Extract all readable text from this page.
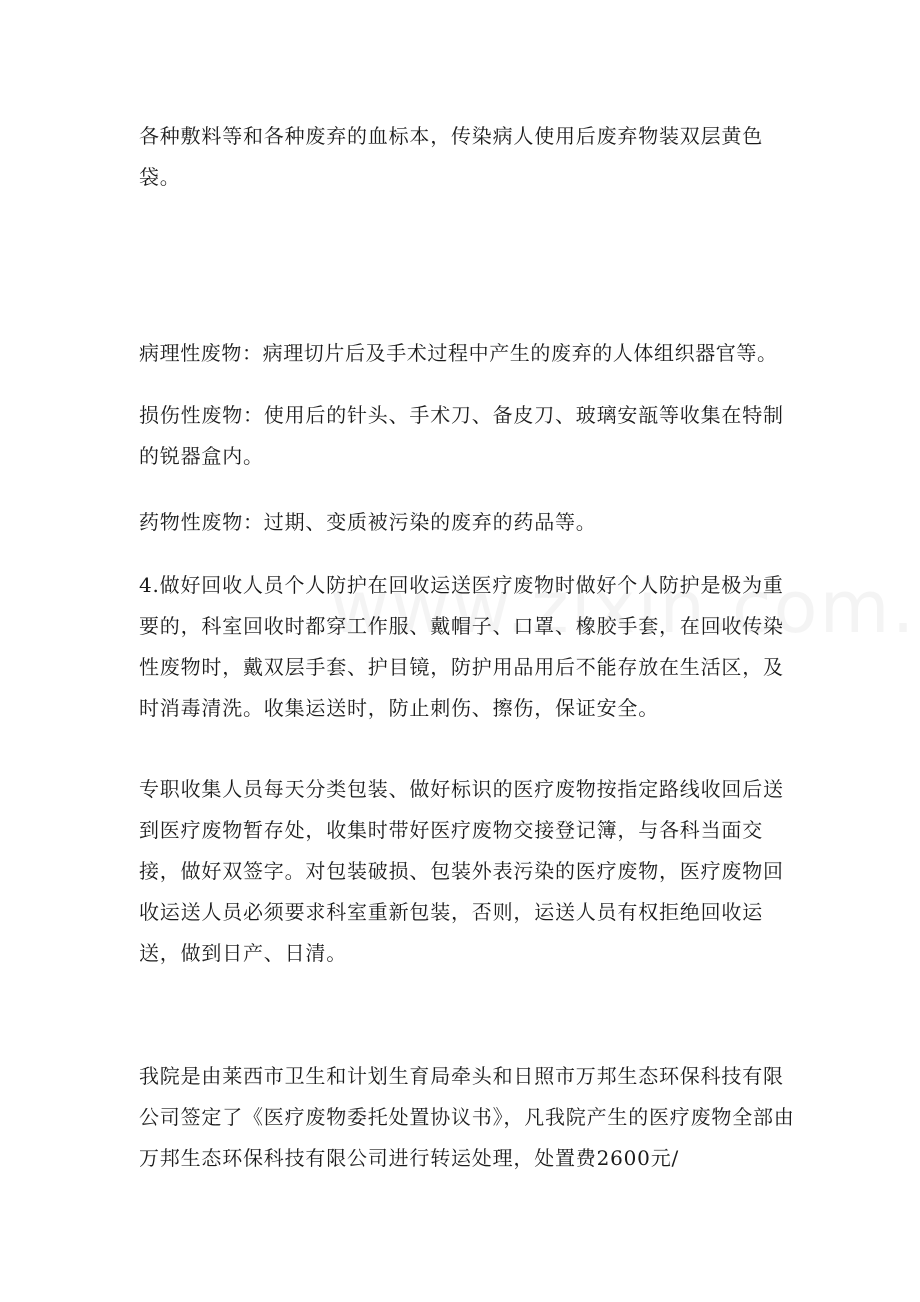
各种敷料等和各种废弃的血标本，传染病人使用后废弃物装双层黄色袋。

病理性废物：病理切片后及手术过程中产生的废弃的人体组织器官等。

损伤性废物：使用后的针头、手术刀、备皮刀、玻璃安瓿等收集在特制的锐器盒内。

药物性废物：过期、变质被污染的废弃的药品等。

4.做好回收人员个人防护在回收运送医疗废物时做好个人防护是极为重要的，科室回收时都穿工作服、戴帽子、口罩、橡胶手套，在回收传染性废物时，戴双层手套、护目镜，防护用品用后不能存放在生活区，及时消毒清洗。收集运送时，防止刺伤、擦伤，保证安全。

专职收集人员每天分类包装、做好标识的医疗废物按指定路线收回后送到医疗废物暂存处，收集时带好医疗废物交接登记簿，与各科当面交接，做好双签字。对包装破损、包装外表污染的医疗废物，医疗废物回收运送人员必须要求科室重新包装，否则，运送人员有权拒绝回收运送，做到日产、日清。

我院是由莱西市卫生和计划生育局牵头和日照市万邦生态环保科技有限公司签定了《医疗废物委托处置协议书》，凡我院产生的医疗废物全部由万邦生态环保科技有限公司进行转运处理，处置费2600元/
